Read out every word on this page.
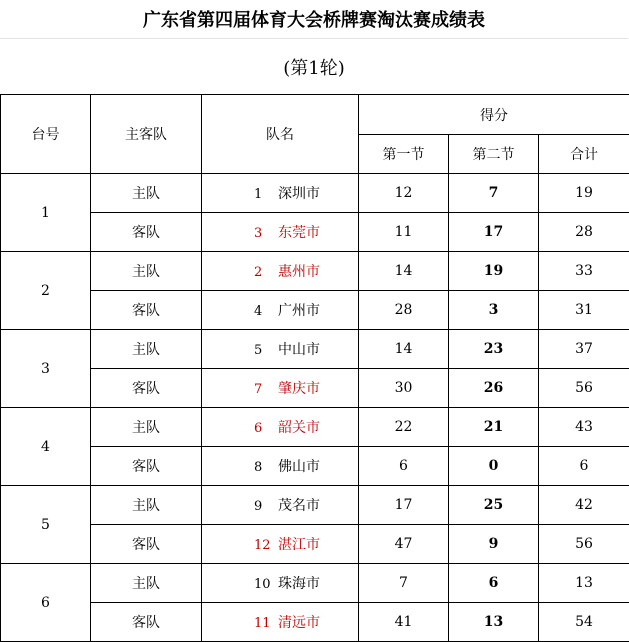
广东省第四届体育大会桥牌赛淘汰赛成绩表
(第1轮)
台号	主客队	队名	得分		
			第一节	第二节	合计
1	主队	1 深圳市	12	7	19
	客队	3 东莞市	11	17	28
2	主队	2 惠州市	14	19	33
	客队	4 广州市	28	3	31
3	主队	5 中山市	14	23	37
	客队	7 肇庆市	30	26	56
4	主队	6 韶关市	22	21	43
	客队	8 佛山市	6	0	6
5	主队	9 茂名市	17	25	42
	客队	12 湛江市	47	9	56
6	主队	10 珠海市	7	6	13
	客队	11 清远市	41	13	54
